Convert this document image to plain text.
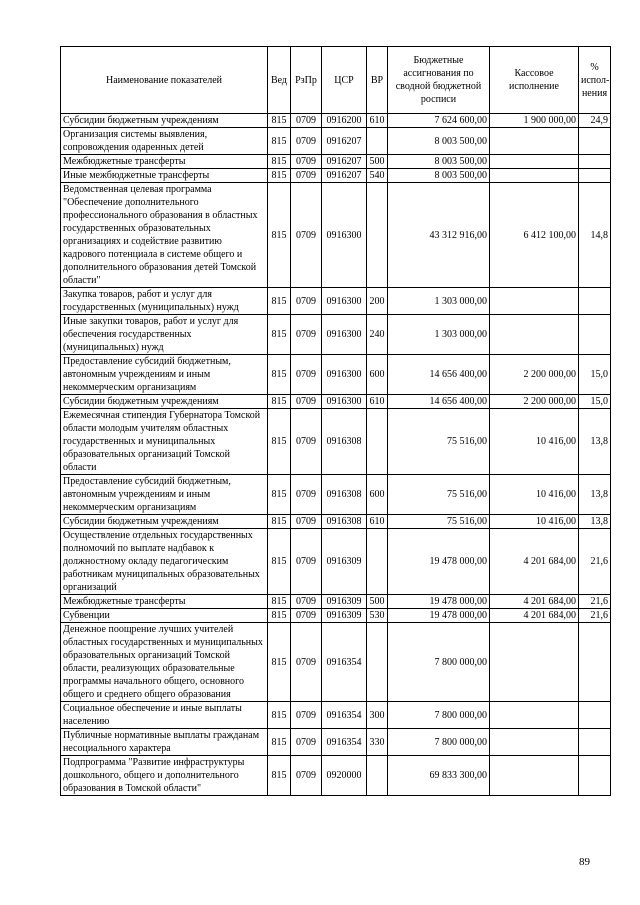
Наименование показателей	Вед	РзПр	ЦСР	ВР	Бюджетные ассигнования по сводной бюджетной росписи	Кассовое исполнение	% испол-нения
Субсидии бюджетным учреждениям	815	0709	0916200	610	7 624 600,00	1 900 000,00	24,9
Организация системы выявления, сопровождения одаренных детей	815	0709	0916207		8 003 500,00		
Межбюджетные трансферты	815	0709	0916207	500	8 003 500,00		
Иные межбюджетные трансферты	815	0709	0916207	540	8 003 500,00		
Ведомственная целевая программа "Обеспечение дополнительного профессионального образования в областных государственных образовательных организациях и содействие развитию кадрового потенциала в системе общего и дополнительного образования детей Томской области"	815	0709	0916300		43 312 916,00	6 412 100,00	14,8
Закупка товаров, работ и услуг для государственных (муниципальных) нужд	815	0709	0916300	200	1 303 000,00		
Иные закупки товаров, работ и услуг для обеспечения государственных (муниципальных) нужд	815	0709	0916300	240	1 303 000,00		
Предоставление субсидий бюджетным, автономным учреждениям и иным некоммерческим организациям	815	0709	0916300	600	14 656 400,00	2 200 000,00	15,0
Субсидии бюджетным учреждениям	815	0709	0916300	610	14 656 400,00	2 200 000,00	15,0
Ежемесячная стипендия Губернатора Томской области молодым учителям областных государственных и муниципальных образовательных организаций Томской области	815	0709	0916308		75 516,00	10 416,00	13,8
Предоставление субсидий бюджетным, автономным учреждениям и иным некоммерческим организациям	815	0709	0916308	600	75 516,00	10 416,00	13,8
Субсидии бюджетным учреждениям	815	0709	0916308	610	75 516,00	10 416,00	13,8
Осуществление отдельных государственных полномочий по выплате надбавок к должностному окладу педагогическим работникам муниципальных образовательных организаций	815	0709	0916309		19 478 000,00	4 201 684,00	21,6
Межбюджетные трансферты	815	0709	0916309	500	19 478 000,00	4 201 684,00	21,6
Субвенции	815	0709	0916309	530	19 478 000,00	4 201 684,00	21,6
Денежное поощрение лучших учителей областных государственных и муниципальных образовательных организаций Томской области, реализующих образовательные программы начального общего, основного общего и среднего общего образования	815	0709	0916354		7 800 000,00		
Социальное обеспечение и иные выплаты населению	815	0709	0916354	300	7 800 000,00		
Публичные нормативные выплаты гражданам несоциального характера	815	0709	0916354	330	7 800 000,00		
Подпрограмма "Развитие инфраструктуры дошкольного, общего и дополнительного образования в Томской области"	815	0709	0920000		69 833 300,00		
89
